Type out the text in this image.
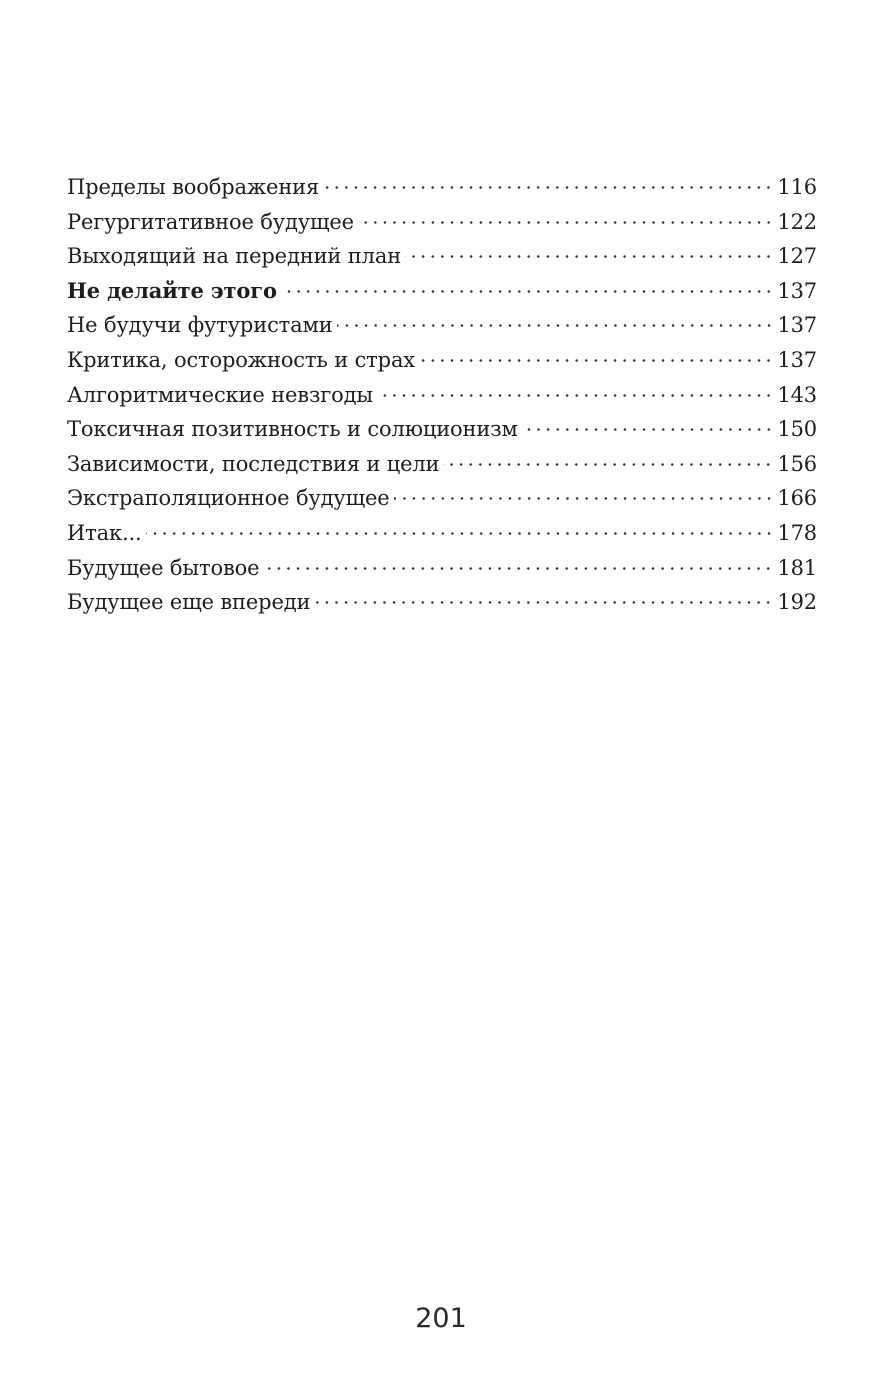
Пределы воображения	116
Регургитативное будущее	122
Выходящий на передний план	127
Не делайте этого	137
Не будучи футуристами	137
Критика, осторожность и страх	137
Алгоритмические невзгоды	143
Токсичная позитивность и солюционизм	150
Зависимости, последствия и цели	156
Экстраполяционное будущее	166
Итак...	178
Будущее бытовое	181
Будущее еще впереди	192
201
